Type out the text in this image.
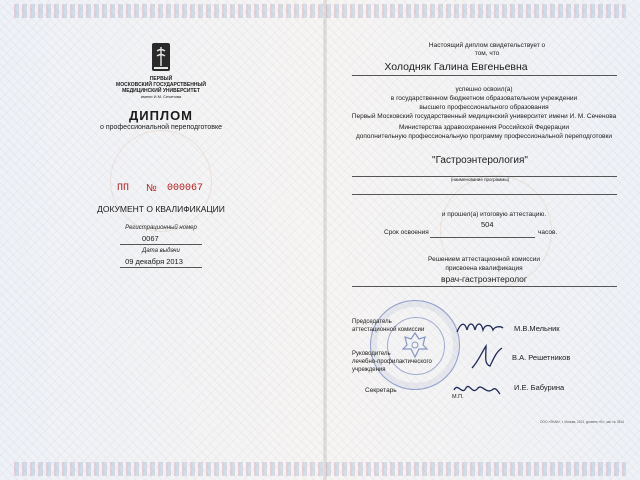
ПЕРВЫЙ
МОСКОВСКИЙ ГОСУДАРСТВЕННЫЙ
МЕДИЦИНСКИЙ УНИВЕРСИТЕТ
имени И.М. Сеченова
ДИПЛОМ
о профессиональной переподготовке
ПП № 000067
ДОКУМЕНТ О КВАЛИФИКАЦИИ
Регистрационный номер
0067
Дата выдачи
09 декабря 2013
Настоящий диплом свидетельствует о
том, что
Холодняк Галина Евгеньевна
успешно освоил(а)
в государственном бюджетном образовательном учреждении
высшего профессионального образования
Первый Московский государственный медицинский университет имени И. М. Сеченова
Министерства здравоохранения Российской Федерации
дополнительную профессиональную программу профессиональной переподготовки
"Гастроэнтерология"
(наименование программы)
и прошел(а) итоговую аттестацию.
Срок освоения
504
часов.
Решением аттестационной комиссии
присвоена квалификация
врач-гастроэнтеролог
Председатель
аттестационной комиссии	М.В.Мельник
Руководитель
лечебно-профилактического
учреждения
В.А. Решетников
Секретарь	И.Е. Бабурина
М.П.
ООО «ЗНАК», г. Москва, 2013, уровень «Б», зак. № 3514
